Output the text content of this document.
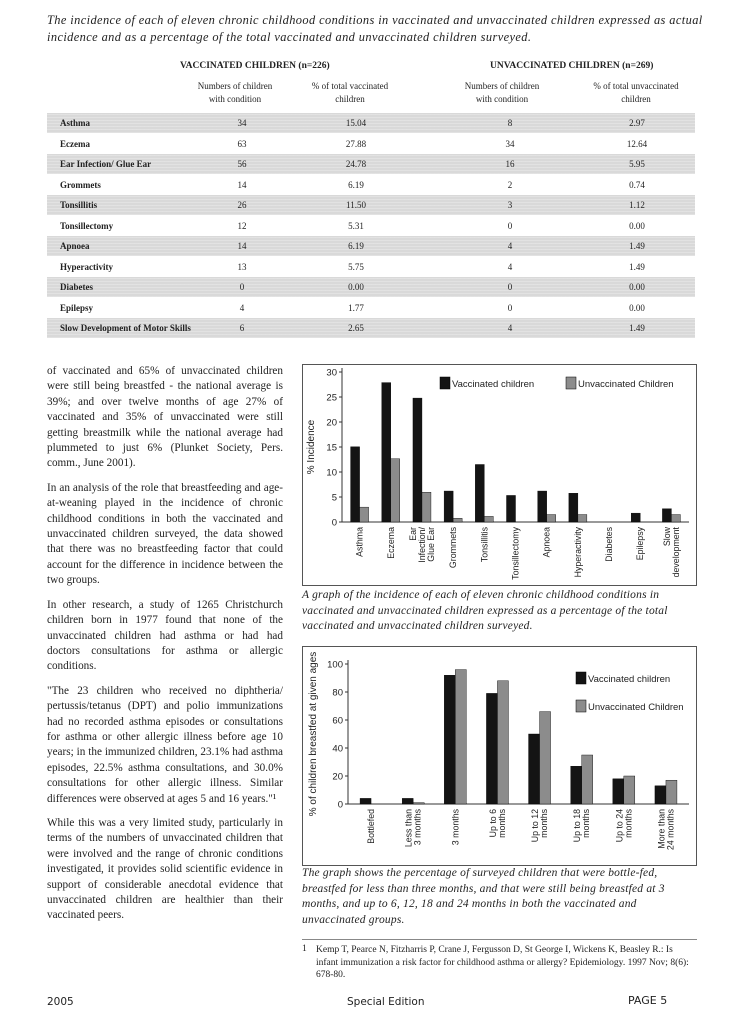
The incidence of each of eleven chronic childhood conditions in vaccinated and unvaccinated children expressed as actual incidence and as a percentage of the total vaccinated and unvaccinated children surveyed.
VACCINATED CHILDREN (n=226)	UNVACCINATED CHILDREN (n=269)
Numbers of children with condition
% of total vaccinated children
Numbers of children with condition
% of total unvaccinated children
Asthma	34	15.04	8	2.97
Eczema	63	27.88	34	12.64
Ear Infection/ Glue Ear	56	24.78	16	5.95
Grommets	14	6.19	2	0.74
Tonsillitis	26	11.50	3	1.12
Tonsillectomy	12	5.31	0	0.00
Apnoea	14	6.19	4	1.49
Hyperactivity	13	5.75	4	1.49
Diabetes	0	0.00	0	0.00
Epilepsy	4	1.77	0	0.00
Slow Development of Motor Skills	6	2.65	4	1.49

of vaccinated and 65% of unvaccinated children were still being breastfed - the national average is 39%; and over twelve months of age 27% of vaccinated and 35% of unvaccinated were still getting breastmilk while the national average had plummeted to just 6% (Plunket Society, Pers. comm., June 2001).

In an analysis of the role that breastfeeding and age-at-weaning played in the incidence of chronic childhood conditions in both the vaccinated and unvaccinated children surveyed, the data showed that there was no breastfeeding factor that could account for the difference in incidence between the two groups.

In other research, a study of 1265 Christchurch children born in 1977 found that none of the unvaccinated children had asthma or had had doctors consultations for asthma or allergic conditions.

"The 23 children who received no diphtheria/ pertussis/tetanus (DPT) and polio immunizations had no recorded asthma episodes or consultations for asthma or other allergic illness before age 10 years; in the immunized children, 23.1% had asthma episodes, 22.5% asthma consultations, and 30.0% consultations for other allergic illness. Similar differences were observed at ages 5 and 16 years."¹

While this was a very limited study, particularly in terms of the numbers of unvaccinated children that were involved and the range of chronic conditions investigated, it provides solid scientific evidence in support of considerable anecdotal evidence that unvaccinated children are healthier than their vaccinated peers.

0
5
10
15
20
25
30
% Incidence
Asthma Eczema Ear Infection/ Glue Ear Grommets Tonsillitis Tonsillectomy Apnoea Hyperactivity Diabetes Epilepsy Slow development
Vaccinated children	Unvaccinated Children
A graph of the incidence of each of eleven chronic childhood conditions in vaccinated and unvaccinated children expressed as a percentage of the total vaccinated and unvaccinated children surveyed.
0
20
40
60
80
100
% of children breastfed at given ages
Bottlefed	Less than 3 months	3 months	Up to 6 months	Up to 12 months	Up to 18 months	Up to 24 months	More than 24 months
Vaccinated children
Unvaccinated Children
The graph shows the percentage of surveyed children that were bottle-fed, breastfed for less than three months, and that were still being breastfed at 3 months, and up to 6, 12, 18 and 24 months in both the vaccinated and unvaccinated groups.
1 Kemp T, Pearce N, Fitzharris P, Crane J, Fergusson D, St George I, Wickens K, Beasley R.: Is infant immunization a risk factor for childhood asthma or allergy? Epidemiology. 1997 Nov; 8(6): 678-80.
2005	Special Edition	PAGE 5
